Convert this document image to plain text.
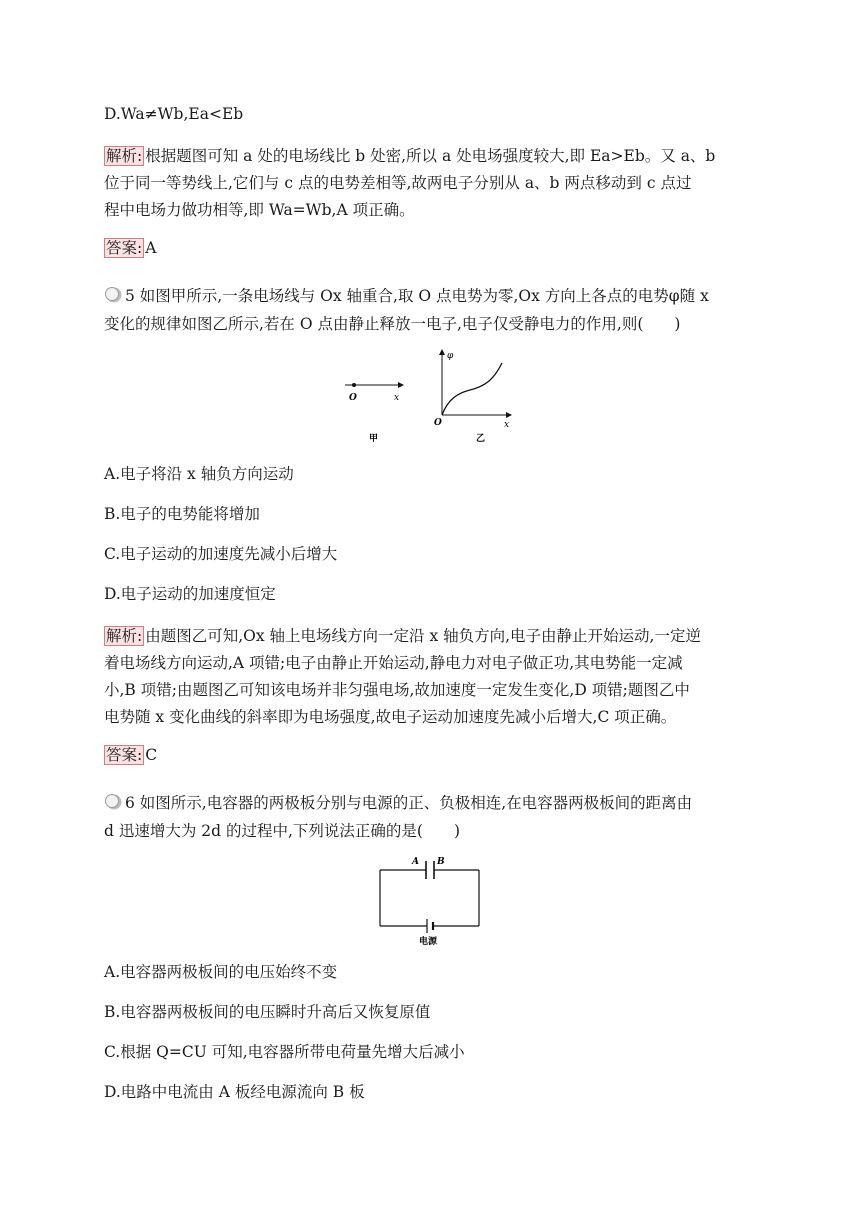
D.Wa≠Wb,Ea<Eb
解析: 根据题图可知 a 处的电场线比 b 处密,所以 a 处电场强度较大,即 Ea>Eb。又 a、b
位于同一等势线上,它们与 c 点的电势差相等,故两电子分别从 a、b 两点移动到 c 点过
程中电场力做功相等,即 Wa=Wb,A 项正确。
答案: A
5 如图甲所示,一条电场线与 Ox 轴重合,取 O 点电势为零,Ox 方向上各点的电势φ随 x
变化的规律如图乙所示,若在 O 点由静止释放一电子,电子仅受静电力的作用,则(　　)
O	x
甲
φ
O	x
乙
A.电子将沿 x 轴负方向运动
B.电子的电势能将增加
C.电子运动的加速度先减小后增大
D.电子运动的加速度恒定
解析: 由题图乙可知,Ox 轴上电场线方向一定沿 x 轴负方向,电子由静止开始运动,一定逆
着电场线方向运动,A 项错;电子由静止开始运动,静电力对电子做正功,其电势能一定减
小,B 项错;由题图乙可知该电场并非匀强电场,故加速度一定发生变化,D 项错;题图乙中
电势随 x 变化曲线的斜率即为电场强度,故电子运动加速度先减小后增大,C 项正确。
答案: C
6 如图所示,电容器的两极板分别与电源的正、负极相连,在电容器两极板间的距离由
d 迅速增大为 2d 的过程中,下列说法正确的是(　　)
A B
电源
A.电容器两极板间的电压始终不变
B.电容器两极板间的电压瞬时升高后又恢复原值
C.根据 Q=CU 可知,电容器所带电荷量先增大后减小
D.电路中电流由 A 板经电源流向 B 板
